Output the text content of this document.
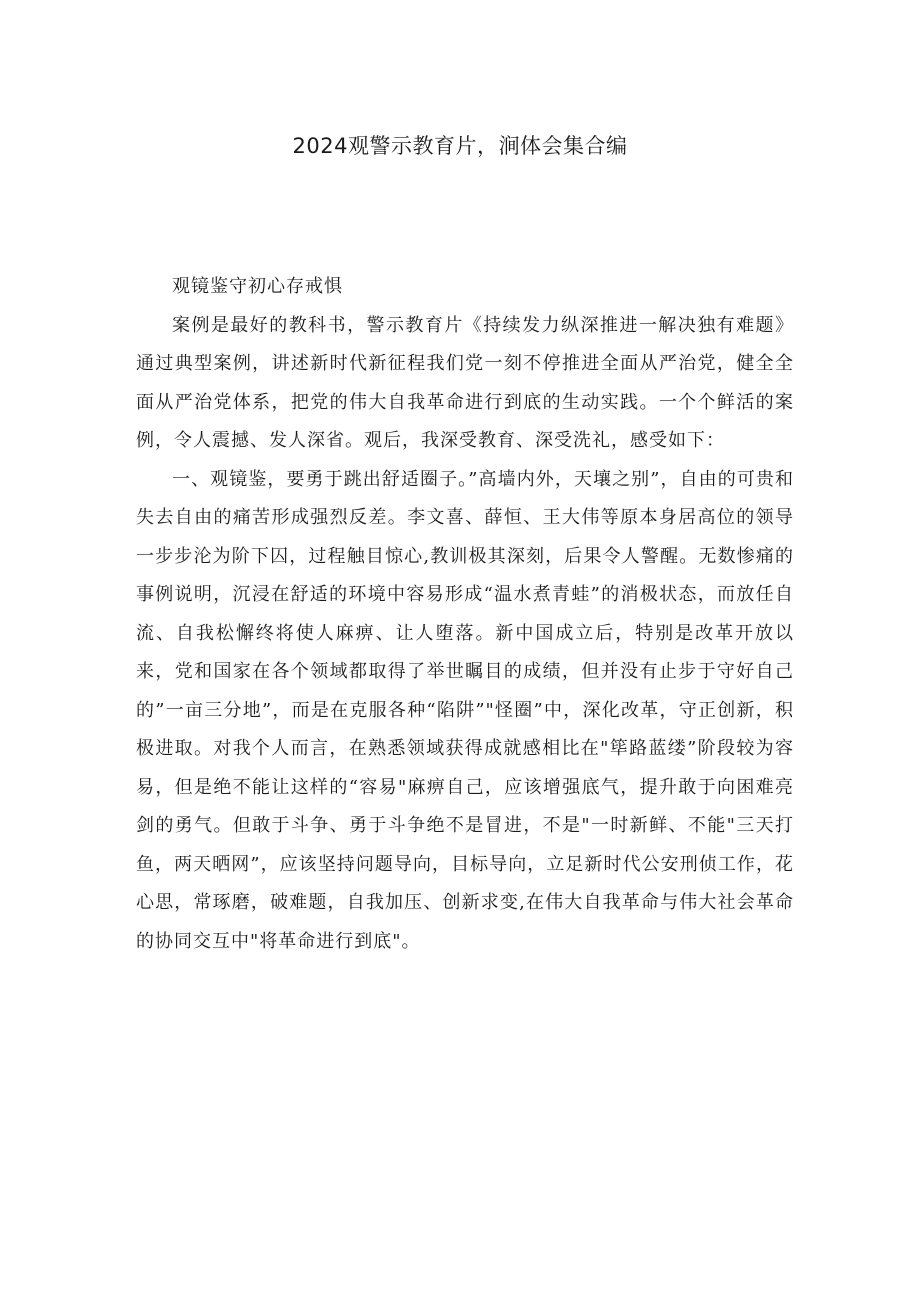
2024观警示教育片，涧体会集合编

观镜鉴守初心存戒惧

案例是最好的教科书，警示教育片《持续发力纵深推进一解决独有难题》通过典型案例，讲述新时代新征程我们党一刻不停推进全面从严治党，健全全面从严治党体系，把党的伟大自我革命进行到底的生动实践。一个个鲜活的案例，令人震撼、发人深省。观后，我深受教育、深受洗礼，感受如下：

一、观镜鉴，要勇于跳出舒适圈子。”高墙内外，天壤之别”，自由的可贵和失去自由的痛苦形成强烈反差。李文喜、薛恒、王大伟等原本身居高位的领导一步步沦为阶下囚，过程触目惊心,教训极其深刻，后果令人警醒。无数惨痛的事例说明，沉浸在舒适的环境中容易形成“温水煮青蛙”的消极状态，而放任自流、自我松懈终将使人麻痹、让人堕落。新中国成立后，特别是改革开放以来，党和国家在各个领域都取得了举世瞩目的成绩，但并没有止步于守好自己的”一亩三分地”，而是在克服各种“陷阱”"怪圈”中，深化改革，守正创新，积极进取。对我个人而言，在熟悉领域获得成就感相比在"筚路蓝缕”阶段较为容易，但是绝不能让这样的“容易"麻痹自己，应该增强底气，提升敢于向困难亮剑的勇气。但敢于斗争、勇于斗争绝不是冒进，不是"一时新鲜、不能"三天打鱼，两天晒网”，应该坚持问题导向，目标导向，立足新时代公安刑侦工作，花心思，常琢磨，破难题，自我加压、创新求变,在伟大自我革命与伟大社会革命的协同交互中"将革命进行到底"。
